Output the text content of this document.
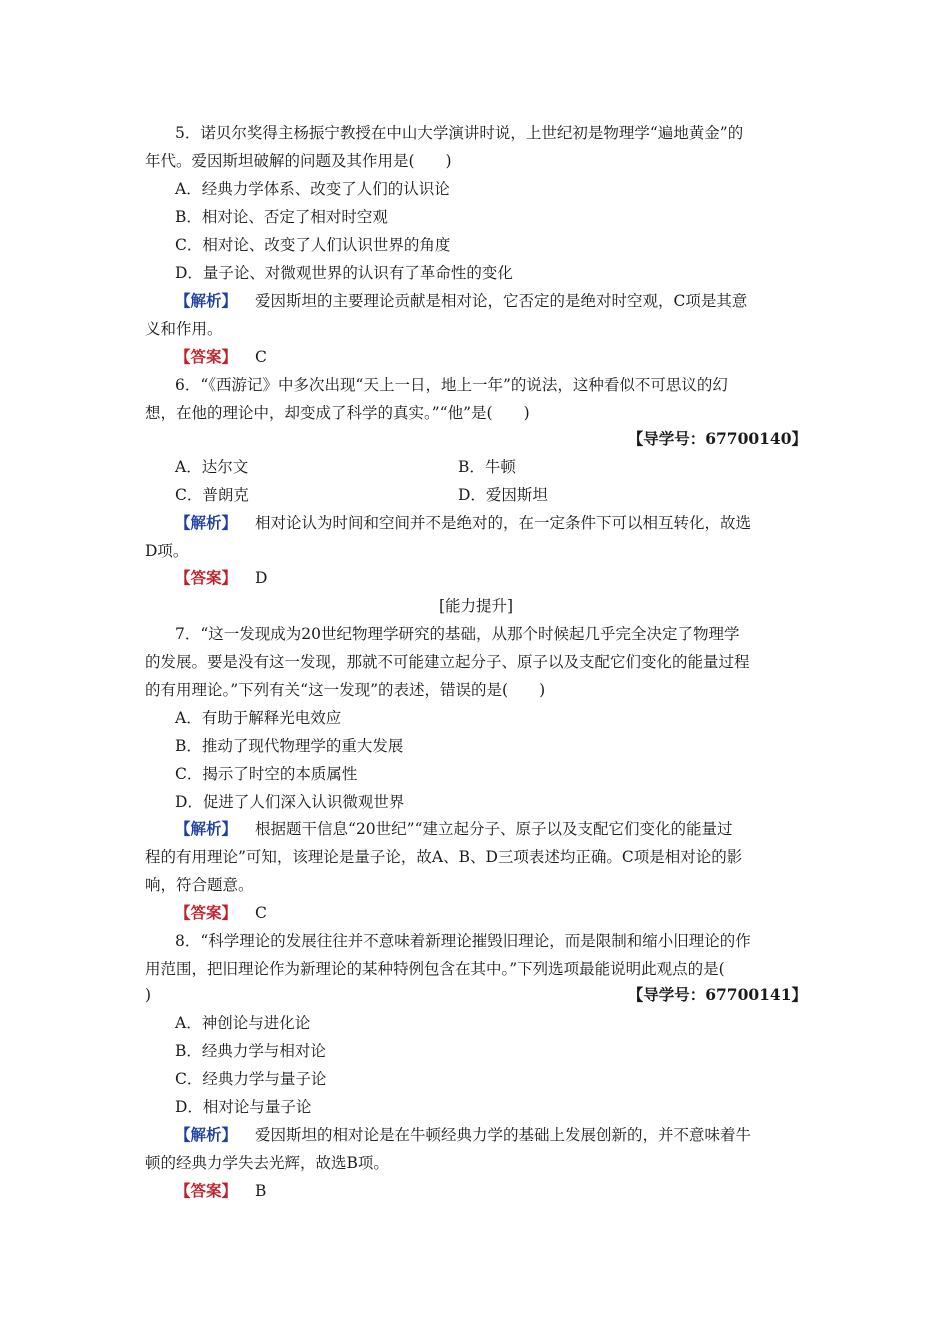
5．诺贝尔奖得主杨振宁教授在中山大学演讲时说，上世纪初是物理学“遍地黄金”的
年代。爱因斯坦破解的问题及其作用是(　　)
A．经典力学体系、改变了人们的认识论
B．相对论、否定了相对时空观
C．相对论、改变了人们认识世界的角度
D．量子论、对微观世界的认识有了革命性的变化
【解析】 爱因斯坦的主要理论贡献是相对论，它否定的是绝对时空观，C项是其意
义和作用。
【答案】 C
6．“《西游记》中多次出现“天上一日，地上一年”的说法，这种看似不可思议的幻
想，在他的理论中，却变成了科学的真实。”“他”是(　　)
【导学号：67700140】
A．达尔文	B．牛顿
C．普朗克	D．爱因斯坦
【解析】 相对论认为时间和空间并不是绝对的，在一定条件下可以相互转化，故选
D项。
【答案】 D
[能力提升]
7．“这一发现成为20世纪物理学研究的基础，从那个时候起几乎完全决定了物理学
的发展。要是没有这一发现，那就不可能建立起分子、原子以及支配它们变化的能量过程
的有用理论。”下列有关“这一发现”的表述，错误的是(　　)
A．有助于解释光电效应
B．推动了现代物理学的重大发展
C．揭示了时空的本质属性
D．促进了人们深入认识微观世界
【解析】 根据题干信息“20世纪”“建立起分子、原子以及支配它们变化的能量过
程的有用理论”可知，该理论是量子论，故A、B、D三项表述均正确。C项是相对论的影
响，符合题意。
【答案】 C
8．“科学理论的发展往往并不意味着新理论摧毁旧理论，而是限制和缩小旧理论的作
用范围，把旧理论作为新理论的某种特例包含在其中。”下列选项最能说明此观点的是(
)	【导学号：67700141】
A．神创论与进化论
B．经典力学与相对论
C．经典力学与量子论
D．相对论与量子论
【解析】 爱因斯坦的相对论是在牛顿经典力学的基础上发展创新的，并不意味着牛
顿的经典力学失去光辉，故选B项。
【答案】 B
